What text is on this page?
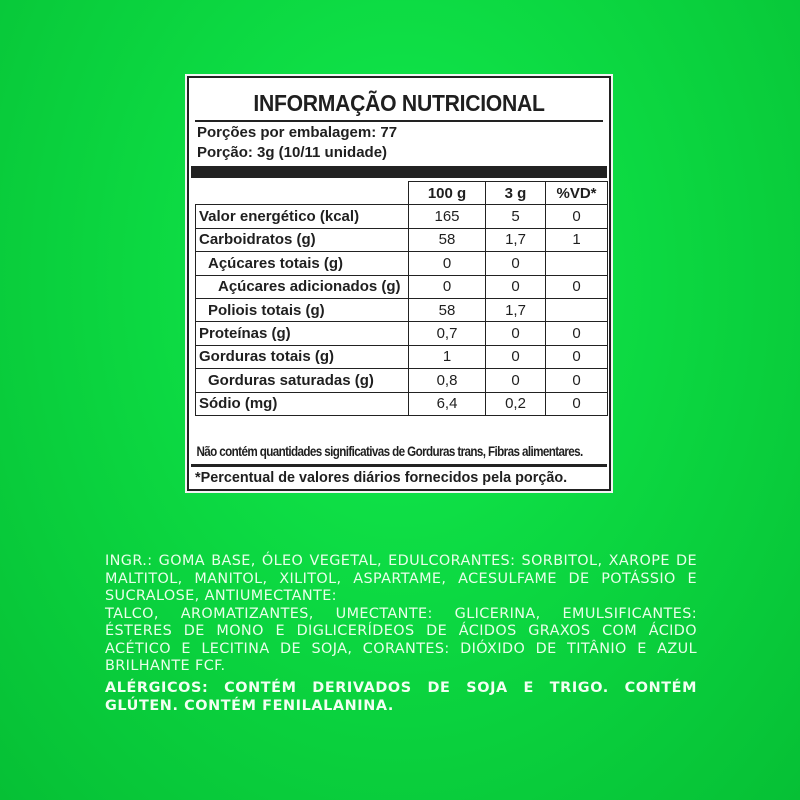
INFORMAÇÃO NUTRICIONAL
Porções por embalagem: 77
Porção: 3g (10/11 unidade)
	100 g	3 g	%VD*
Valor energético (kcal)	165	5	0
Carboidratos (g)	58	1,7	1
Açúcares totais (g)	0	0	
Açúcares adicionados (g)	0	0	0
Poliois totais (g)	58	1,7	
Proteínas (g)	0,7	0	0
Gorduras totais (g)	1	0	0
Gorduras saturadas (g)	0,8	0	0
Sódio (mg)	6,4	0,2	0
Não contém quantidades significativas de Gorduras trans, Fibras alimentares.
*Percentual de valores diários fornecidos pela porção.

INGR.: GOMA BASE, ÓLEO VEGETAL, EDULCORANTES: SORBITOL, XAROPE DE MALTITOL, MANITOL, XILITOL, ASPARTAME, ACESULFAME DE POTÁSSIO E SUCRALOSE, ANTIUMECTANTE:

TALCO, AROMATIZANTES, UMECTANTE: GLICERINA, EMULSIFICANTES: ÉSTERES DE MONO E DIGLICERÍDEOS DE ÁCIDOS GRAXOS COM ÁCIDO ACÉTICO E LECITINA DE SOJA, CORANTES: DIÓXIDO DE TITÂNIO E AZUL BRILHANTE FCF.

ALÉRGICOS: CONTÉM DERIVADOS DE SOJA E TRIGO. CONTÉM GLÚTEN. CONTÉM FENILALANINA.
